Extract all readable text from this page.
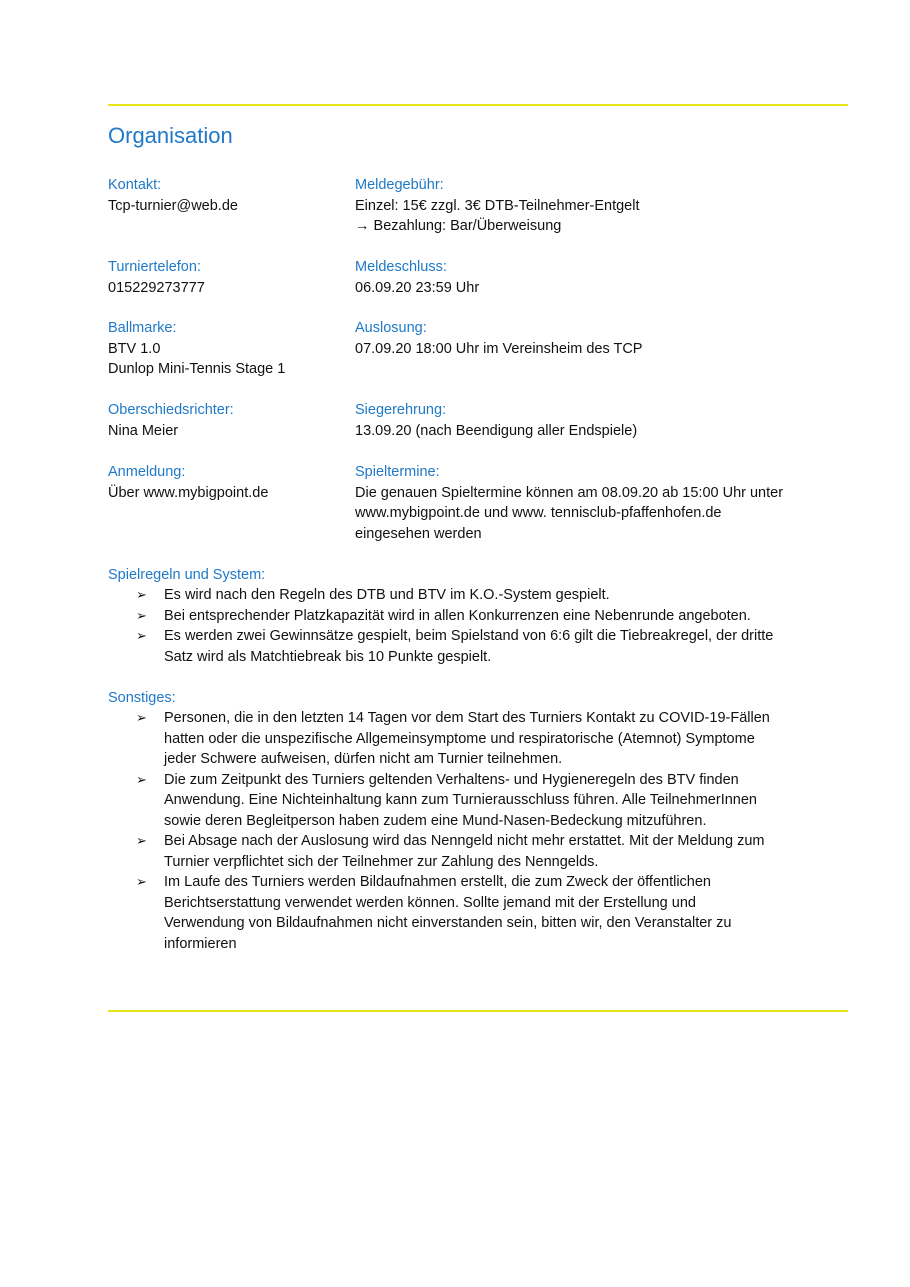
Organisation
Kontakt:
Tcp-turnier@web.de
Meldegebühr:
Einzel: 15€ zzgl. 3€ DTB-Teilnehmer-Entgelt
→ Bezahlung: Bar/Überweisung
Turniertelefon:
015229273777
Meldeschluss:
06.09.20 23:59 Uhr
Ballmarke:
BTV 1.0
Dunlop Mini-Tennis Stage 1
Auslosung:
07.09.20 18:00 Uhr im Vereinsheim des TCP
Oberschiedsrichter:
Nina Meier
Siegerehrung:
13.09.20 (nach Beendigung aller Endspiele)
Anmeldung:
Über www.mybigpoint.de
Spieltermine:
Die genauen Spieltermine können am 08.09.20 ab 15:00 Uhr unter
www.mybigpoint.de und www. tennisclub-pfaffenhofen.de
eingesehen werden
Spielregeln und System:
➢ Es wird nach den Regeln des DTB und BTV im K.O.-System gespielt.
➢ Bei entsprechender Platzkapazität wird in allen Konkurrenzen eine Nebenrunde angeboten.
➢ Es werden zwei Gewinnsätze gespielt, beim Spielstand von 6:6 gilt die Tiebreakregel, der dritte
Satz wird als Matchtiebreak bis 10 Punkte gespielt.
Sonstiges:
➢ Personen, die in den letzten 14 Tagen vor dem Start des Turniers Kontakt zu COVID-19-Fällen
hatten oder die unspezifische Allgemeinsymptome und respiratorische (Atemnot) Symptome
jeder Schwere aufweisen, dürfen nicht am Turnier teilnehmen.
➢ Die zum Zeitpunkt des Turniers geltenden Verhaltens- und Hygieneregeln des BTV finden
Anwendung. Eine Nichteinhaltung kann zum Turnierausschluss führen. Alle TeilnehmerInnen
sowie deren Begleitperson haben zudem eine Mund-Nasen-Bedeckung mitzuführen.
➢ Bei Absage nach der Auslosung wird das Nenngeld nicht mehr erstattet. Mit der Meldung zum
Turnier verpflichtet sich der Teilnehmer zur Zahlung des Nenngelds.
➢ Im Laufe des Turniers werden Bildaufnahmen erstellt, die zum Zweck der öffentlichen
Berichtserstattung verwendet werden können. Sollte jemand mit der Erstellung und
Verwendung von Bildaufnahmen nicht einverstanden sein, bitten wir, den Veranstalter zu
informieren
